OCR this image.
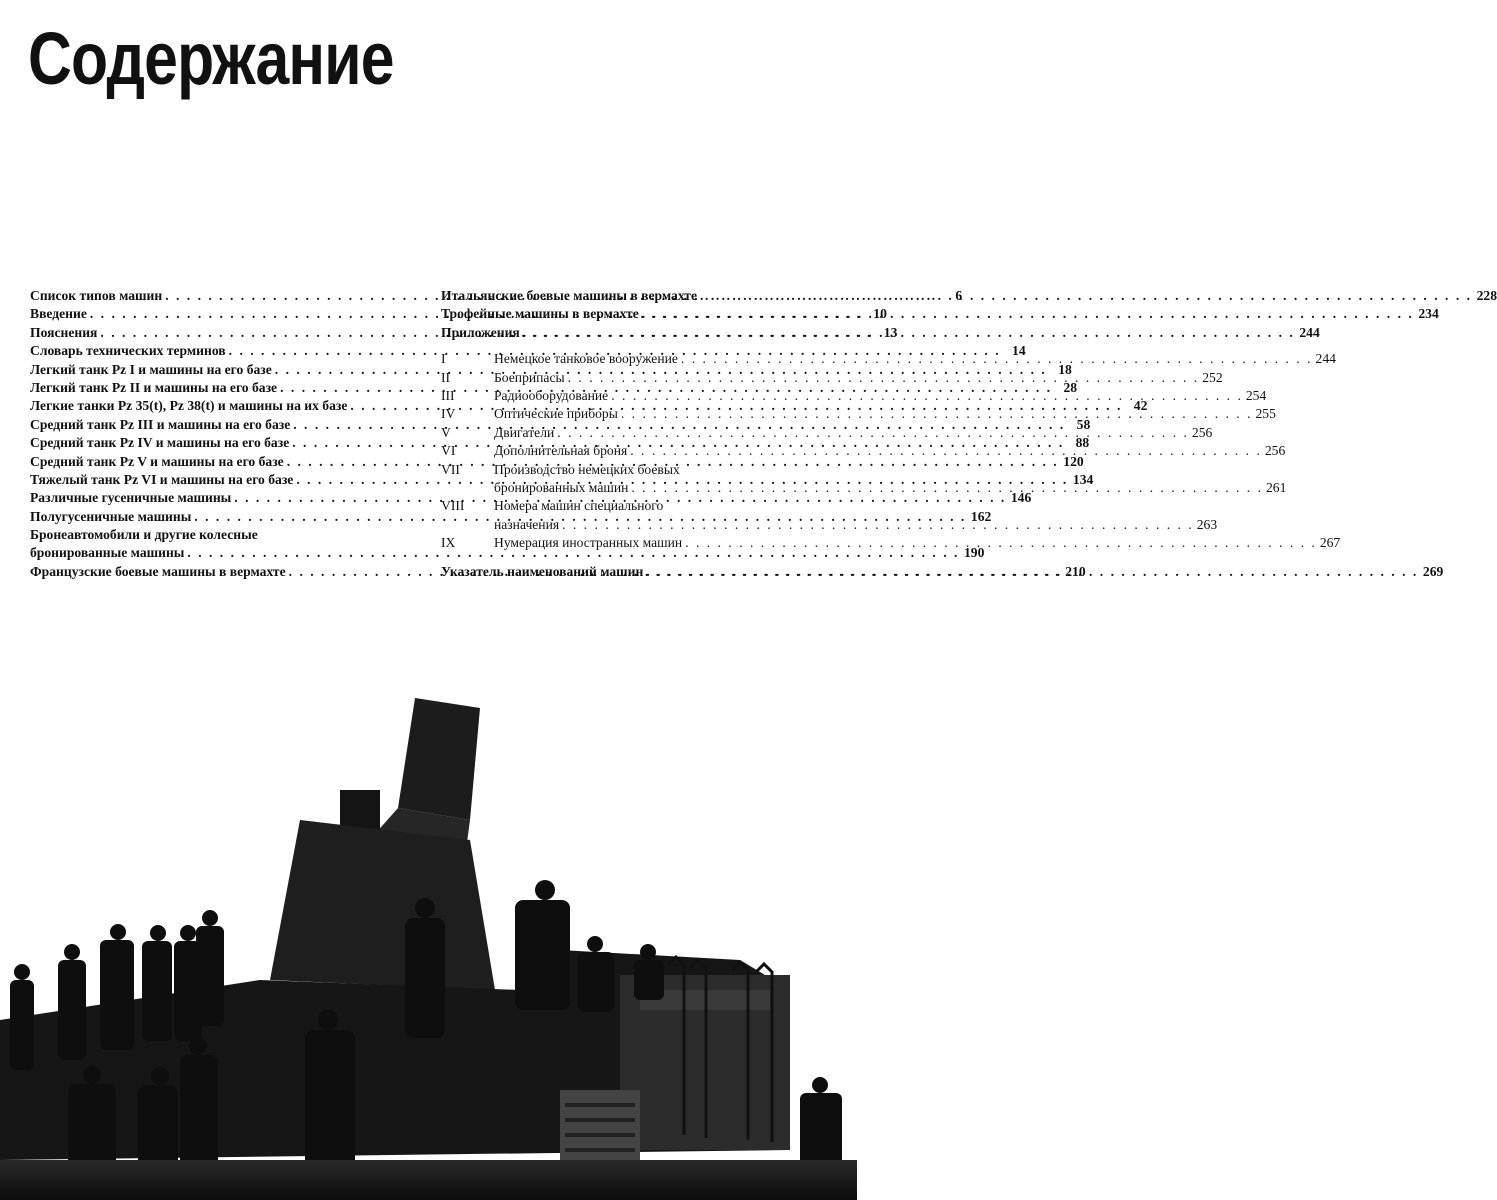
Содержание
Список типов машин . . .	6
Введение . . .	10
Пояснения . . .	13
Словарь технических терминов . . .	14
Легкий танк Pz I и машины на его базе . . .	18
Легкий танк Pz II и машины на его базе . . .	28
Легкие танки Pz 35(t), Pz 38(t) и машины на их базе . . .	42
Средний танк Pz III и машины на его базе . . .	58
Средний танк Pz IV и машины на его базе . . .	88
Средний танк Pz V и машины на его базе . . .	120
Тяжелый танк Pz VI и машины на его базе . . .	134
Различные гусеничные машины . . .	146
Полугусеничные машины . . .	162
Бронеавтомобили и другие колесные
бронированные машины . . .	190
Французские боевые машины в вермахте . . .	210
Итальянские боевые машины в вермахте . . .	228
Трофейные машины в вермахте . . .	234
Приложения . . .	244
I	Немецкое танковое вооружение . . .	244
II	Боеприпасы . . .	252
III	Радиооборудование . . .	254
IV	Оптические приборы . . .	255
V	Двигатели . . .	256
VI	Дополнительная броня . . .	256
VII	Производство немецких боевых
бронированных машин . . .	261
VIII	Номера машин специального
назначения . . .	263
IX	Нумерация иностранных машин . . .	267
Указатель наименований машин . . .	269
